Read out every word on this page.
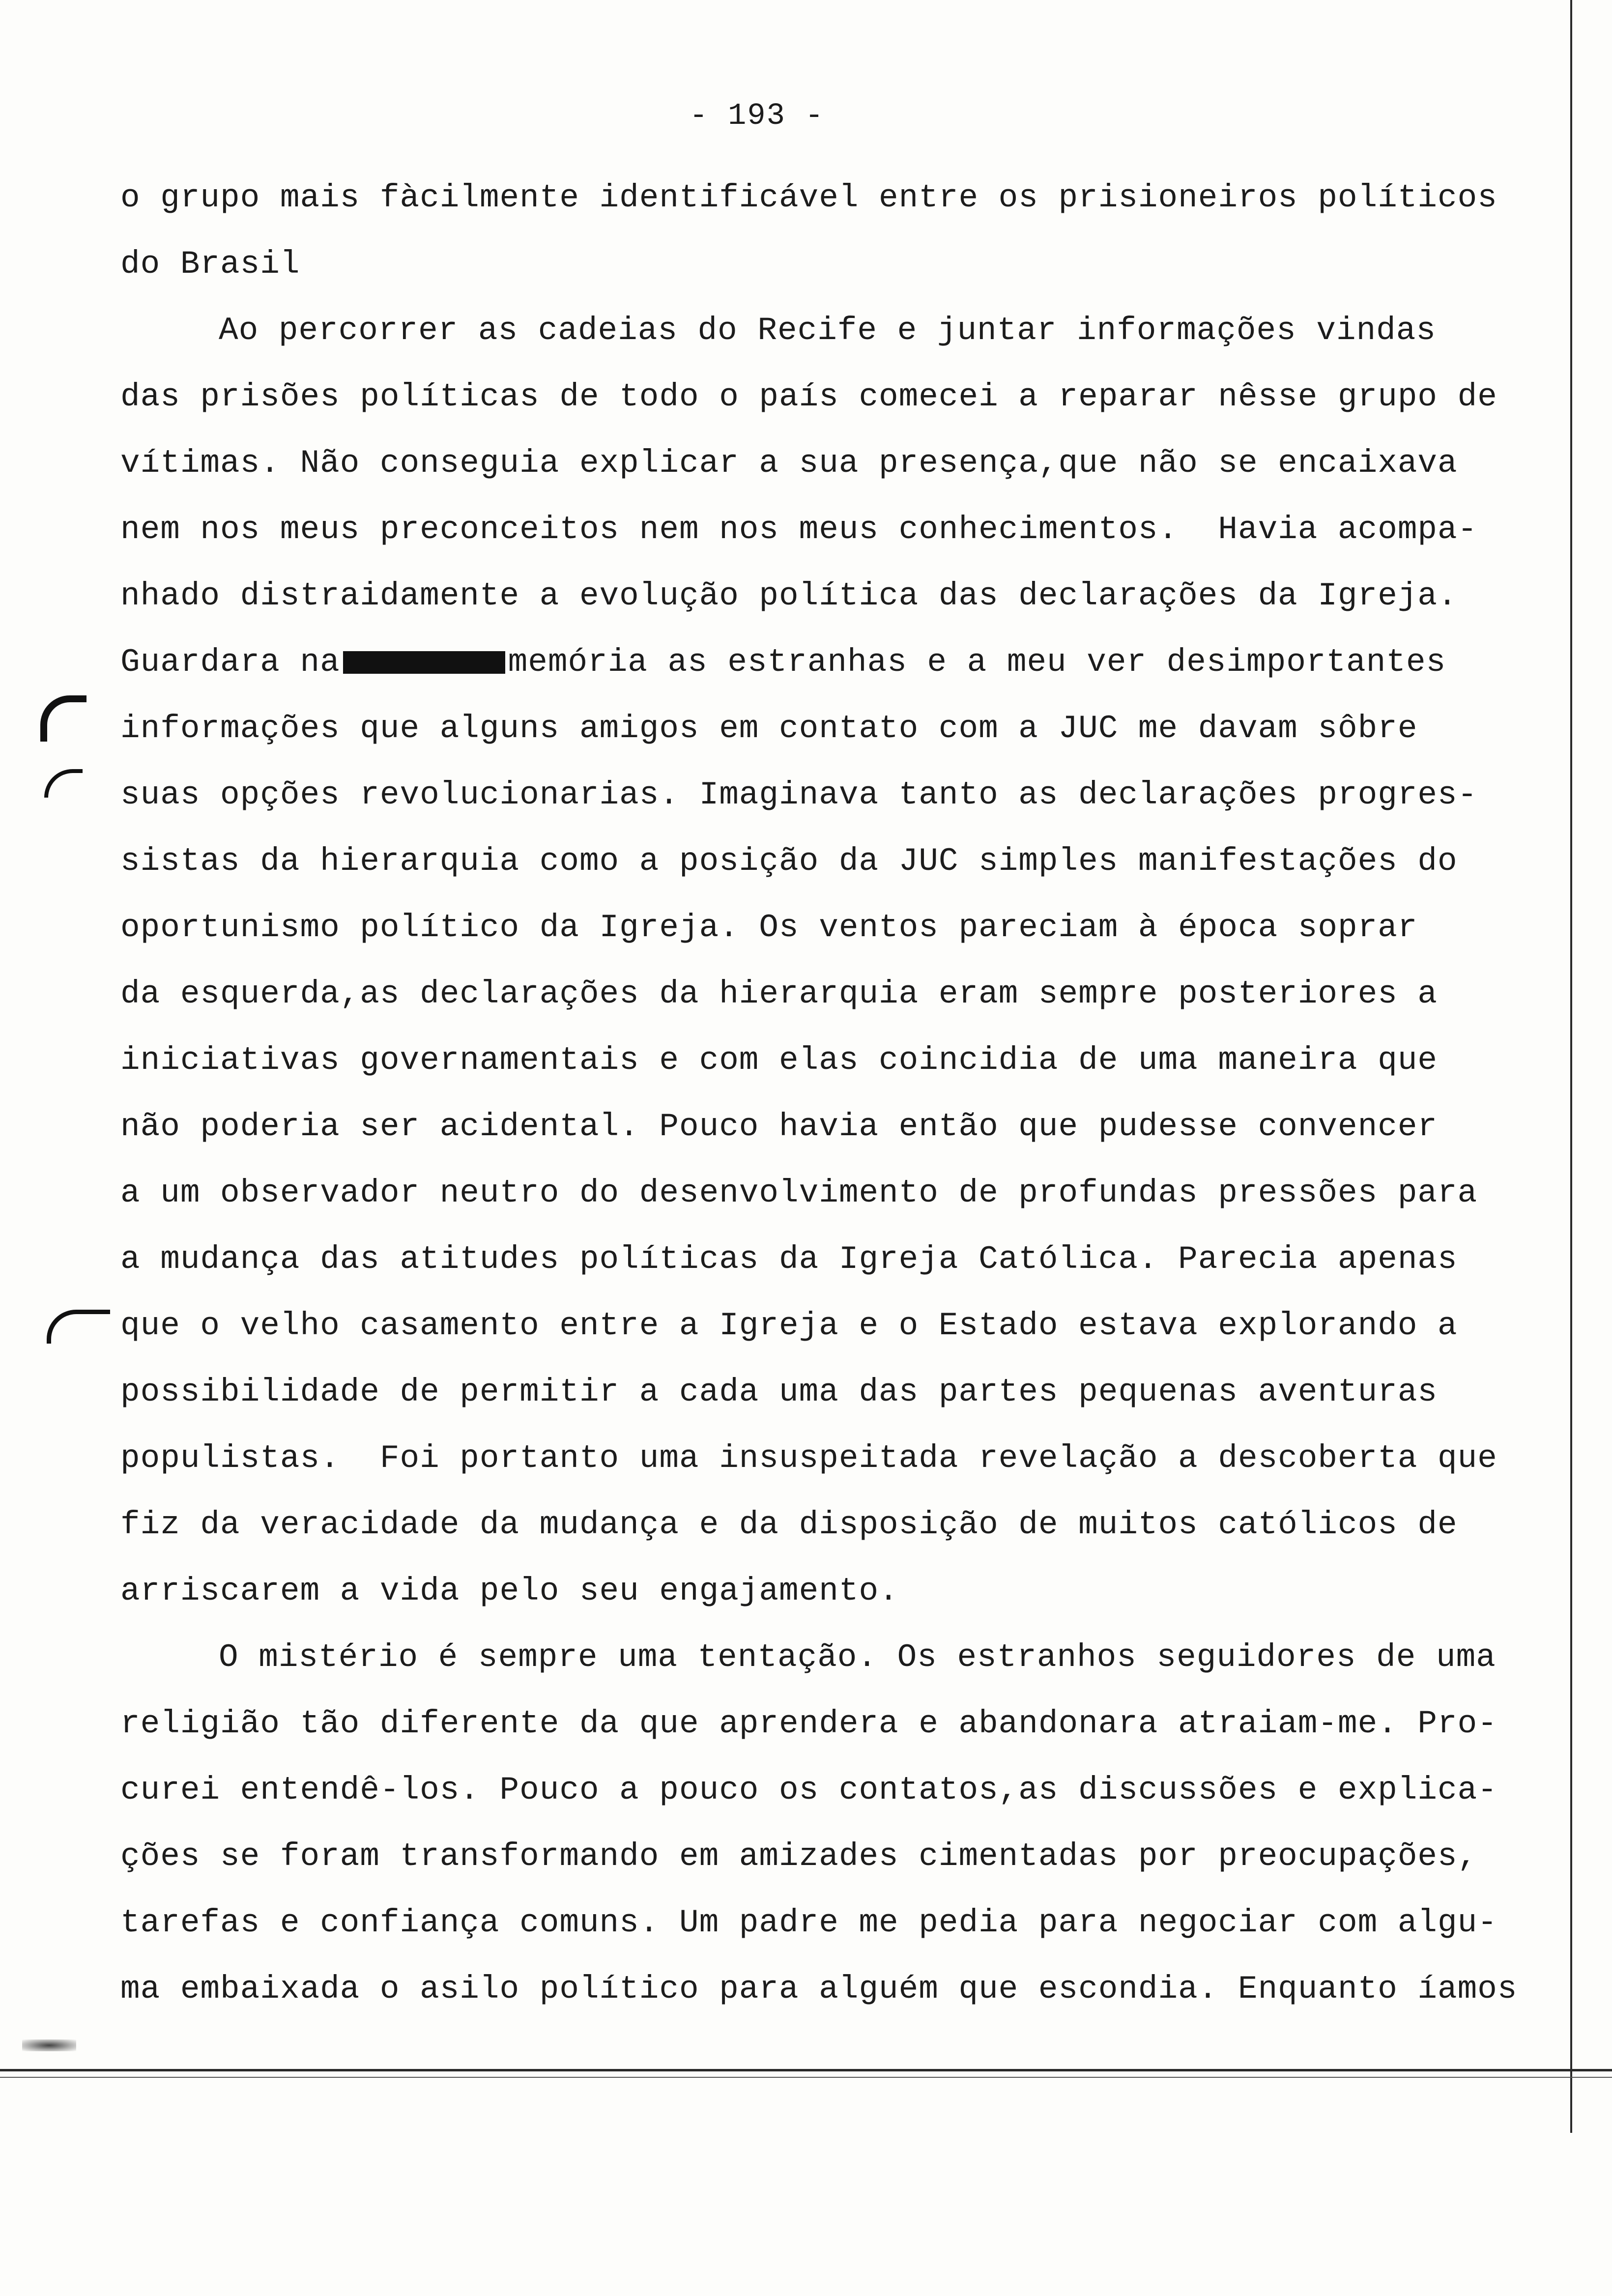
- 193 -
o grupo mais fàcilmente identificável entre os prisioneiros políticos
do Brasil
Ao percorrer as cadeias do Recife e juntar informações vindas
das prisões políticas de todo o país comecei a reparar nêsse grupo de
vítimas. Não conseguia explicar a sua presença,que não se encaixava
nem nos meus preconceitos nem nos meus conhecimentos.  Havia acompa-
nhado distraidamente a evolução política das declarações da Igreja.
Guardara na	memória as estranhas e a meu ver desimportantes
informações que alguns amigos em contato com a JUC me davam sôbre
suas opções revolucionarias. Imaginava tanto as declarações progres-
sistas da hierarquia como a posição da JUC simples manifestações do
oportunismo político da Igreja. Os ventos pareciam à época soprar
da esquerda,as declarações da hierarquia eram sempre posteriores a
iniciativas governamentais e com elas coincidia de uma maneira que
não poderia ser acidental. Pouco havia então que pudesse convencer
a um observador neutro do desenvolvimento de profundas pressões para
a mudança das atitudes políticas da Igreja Católica. Parecia apenas
que o velho casamento entre a Igreja e o Estado estava explorando a
possibilidade de permitir a cada uma das partes pequenas aventuras
populistas.  Foi portanto uma insuspeitada revelação a descoberta que
fiz da veracidade da mudança e da disposição de muitos católicos de
arriscarem a vida pelo seu engajamento.
O mistério é sempre uma tentação. Os estranhos seguidores de uma
religião tão diferente da que aprendera e abandonara atraiam-me. Pro-
curei entendê-los. Pouco a pouco os contatos,as discussões e explica-
ções se foram transformando em amizades cimentadas por preocupações,
tarefas e confiança comuns. Um padre me pedia para negociar com algu-
ma embaixada o asilo político para alguém que escondia. Enquanto íamos
